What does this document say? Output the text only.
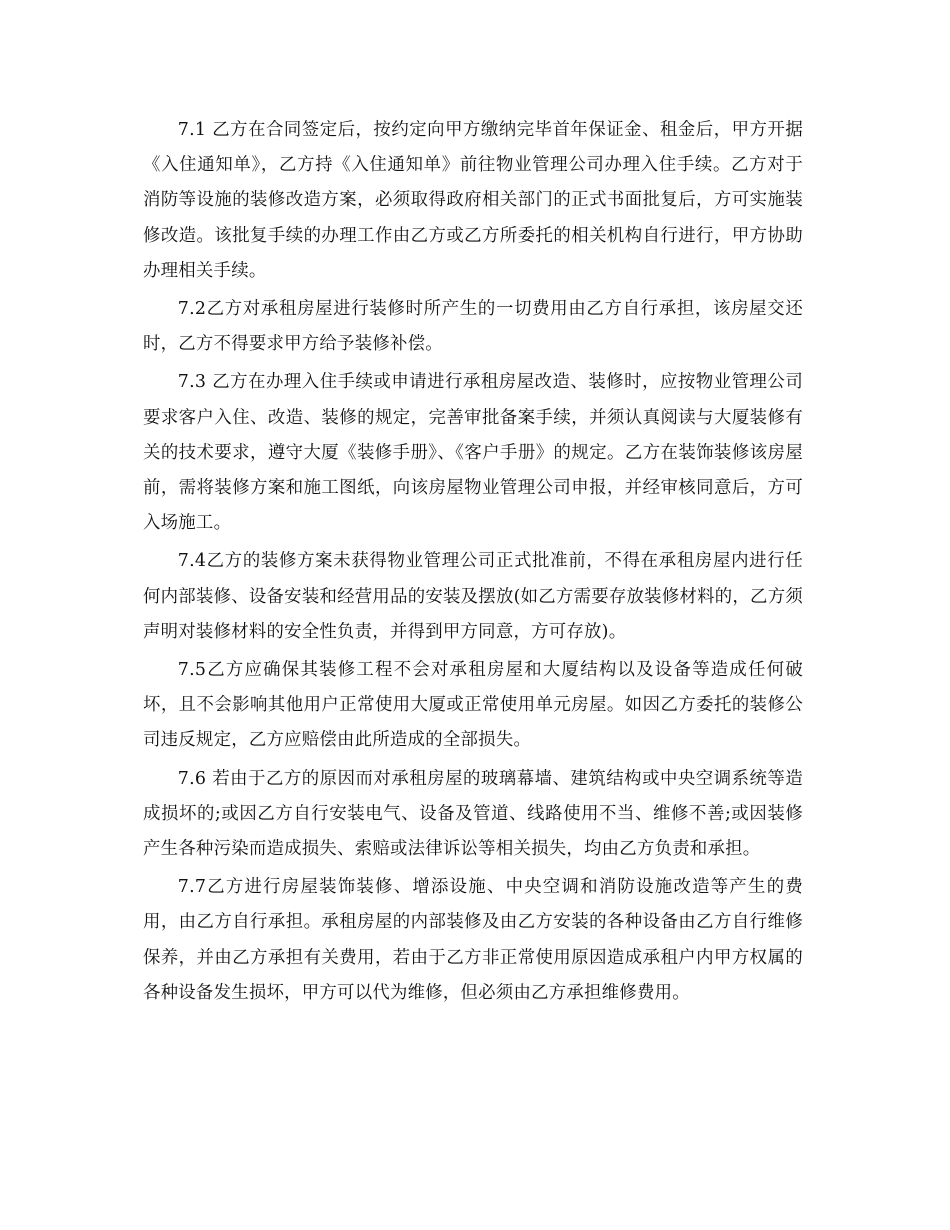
7.1 乙方在合同签定后，按约定向甲方缴纳完毕首年保证金、租金后，甲方开据《入住通知单》，乙方持《入住通知单》前往物业管理公司办理入住手续。乙方对于消防等设施的装修改造方案，必须取得政府相关部门的正式书面批复后，方可实施装修改造。该批复手续的办理工作由乙方或乙方所委托的相关机构自行进行，甲方协助办理相关手续。

7.2乙方对承租房屋进行装修时所产生的一切费用由乙方自行承担，该房屋交还时，乙方不得要求甲方给予装修补偿。

7.3 乙方在办理入住手续或申请进行承租房屋改造、装修时，应按物业管理公司要求客户入住、改造、装修的规定，完善审批备案手续，并须认真阅读与大厦装修有关的技术要求，遵守大厦《装修手册》、《客户手册》的规定。乙方在装饰装修该房屋前，需将装修方案和施工图纸，向该房屋物业管理公司申报，并经审核同意后，方可入场施工。

7.4乙方的装修方案未获得物业管理公司正式批准前，不得在承租房屋内进行任何内部装修、设备安装和经营用品的安装及摆放(如乙方需要存放装修材料的，乙方须声明对装修材料的安全性负责，并得到甲方同意，方可存放)。

7.5乙方应确保其装修工程不会对承租房屋和大厦结构以及设备等造成任何破坏，且不会影响其他用户正常使用大厦或正常使用单元房屋。如因乙方委托的装修公司违反规定，乙方应赔偿由此所造成的全部损失。

7.6 若由于乙方的原因而对承租房屋的玻璃幕墙、建筑结构或中央空调系统等造成损坏的;或因乙方自行安装电气、设备及管道、线路使用不当、维修不善;或因装修产生各种污染而造成损失、索赔或法律诉讼等相关损失，均由乙方负责和承担。

7.7乙方进行房屋装饰装修、增添设施、中央空调和消防设施改造等产生的费用，由乙方自行承担。承租房屋的内部装修及由乙方安装的各种设备由乙方自行维修保养，并由乙方承担有关费用，若由于乙方非正常使用原因造成承租户内甲方权属的各种设备发生损坏，甲方可以代为维修，但必须由乙方承担维修费用。
